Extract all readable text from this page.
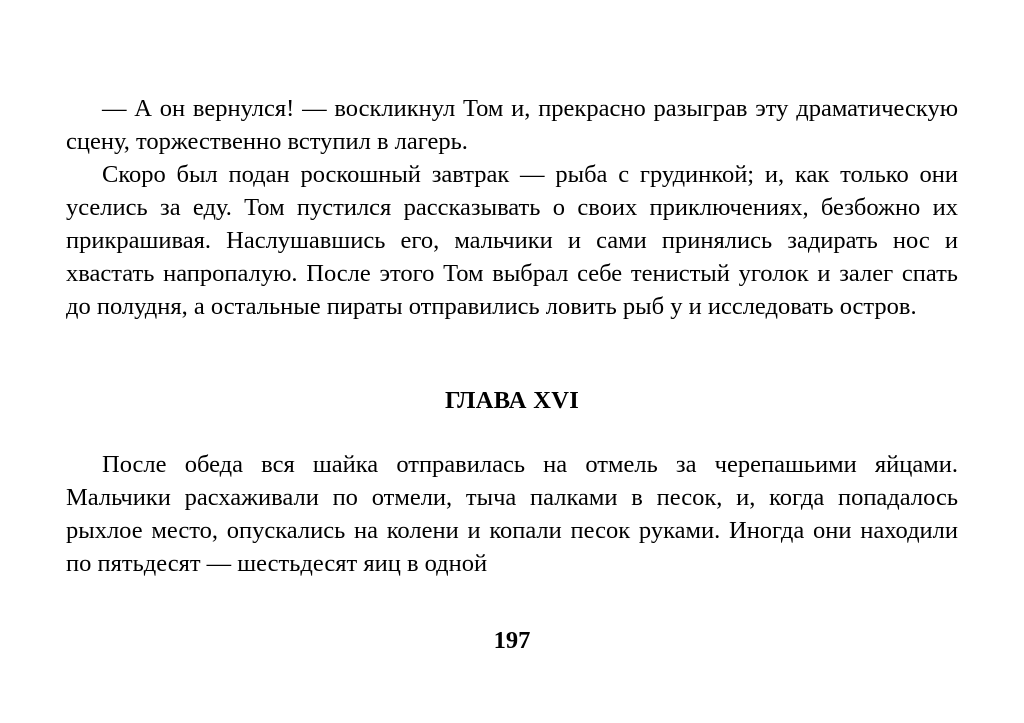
— А он вернулся! — воскликнул Том и, прекрасно разыграв эту драматическую сцену, торжественно вступил в лагерь.

Скоро был подан роскошный завтрак — рыба с грудинкой; и, как только они уселись за еду. Том пустился рассказывать о своих приключениях, безбожно их прикрашивая. Наслушавшись его, мальчики и сами принялись задирать нос и хвастать напропалую. После этого Том выбрал себе тенистый уголок и залег спать до полудня, а остальные пираты отправились ловить рыб у и исследовать остров.

ГЛАВА XVI

После обеда вся шайка отправилась на отмель за черепашьими яйцами. Мальчики расхаживали по отмели, тыча палками в песок, и, когда попадалось рыхлое место, опускались на колени и копали песок руками. Иногда они находили по пятьдесят — шестьдесят яиц в одной

197
